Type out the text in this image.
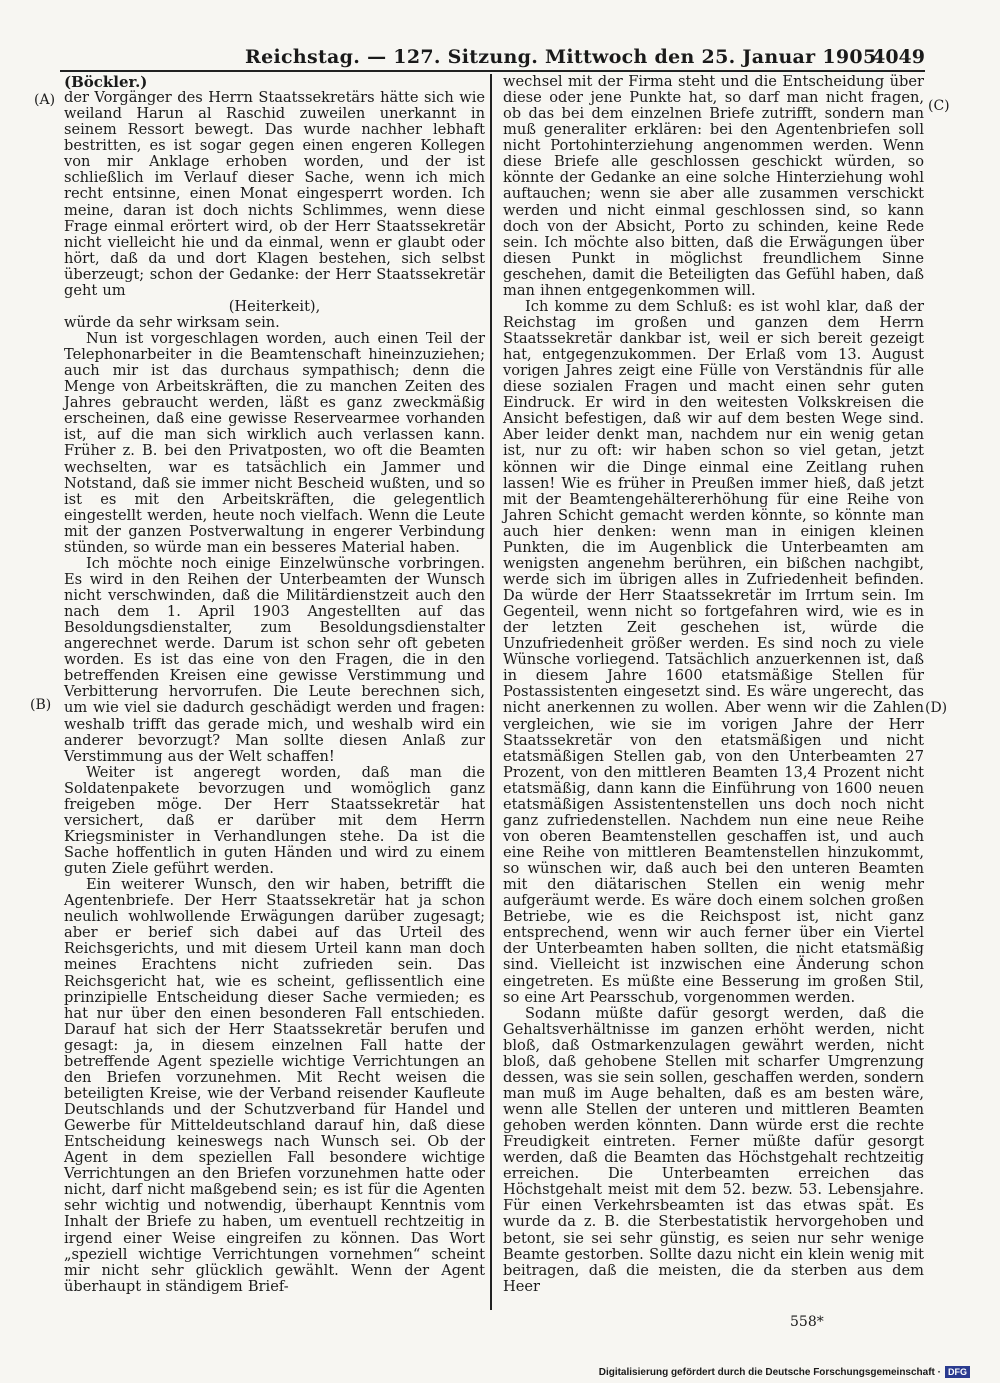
Reichstag. — 127. Sitzung. Mittwoch den 25. Januar 1905.
4049
(A)
(B)
(C)
(D)

(Böckler.)

der Vorgänger des Herrn Staatssekretärs hätte sich wie weiland Harun al Raschid zuweilen unerkannt in seinem Ressort bewegt. Das wurde nachher lebhaft bestritten, es ist sogar gegen einen engeren Kollegen von mir Anklage erhoben worden, und der ist schließlich im Verlauf dieser Sache, wenn ich mich recht entsinne, einen Monat eingesperrt worden. Ich meine, daran ist doch nichts Schlimmes, wenn diese Frage einmal erörtert wird, ob der Herr Staatssekretär nicht vielleicht hie und da einmal, wenn er glaubt oder hört, daß da und dort Klagen bestehen, sich selbst überzeugt; schon der Gedanke: der Herr Staatssekretär geht um

(Heiterkeit),

würde da sehr wirksam sein.

Nun ist vorgeschlagen worden, auch einen Teil der Telephonarbeiter in die Beamtenschaft hineinzuziehen; auch mir ist das durchaus sympathisch; denn die Menge von Arbeitskräften, die zu manchen Zeiten des Jahres gebraucht werden, läßt es ganz zweckmäßig erscheinen, daß eine gewisse Reservearmee vorhanden ist, auf die man sich wirklich auch verlassen kann. Früher z. B. bei den Privatposten, wo oft die Beamten wechselten, war es tatsächlich ein Jammer und Notstand, daß sie immer nicht Bescheid wußten, und so ist es mit den Arbeitskräften, die gelegentlich eingestellt werden, heute noch vielfach. Wenn die Leute mit der ganzen Postverwaltung in engerer Verbindung stünden, so würde man ein besseres Material haben.

Ich möchte noch einige Einzelwünsche vorbringen. Es wird in den Reihen der Unterbeamten der Wunsch nicht verschwinden, daß die Militärdienstzeit auch den nach dem 1. April 1903 Angestellten auf das Besoldungsdienstalter, zum Besoldungsdienstalter angerechnet werde. Darum ist schon sehr oft gebeten worden. Es ist das eine von den Fragen, die in den betreffenden Kreisen eine gewisse Verstimmung und Verbitterung hervorrufen. Die Leute berechnen sich, um wie viel sie dadurch geschädigt werden und fragen: weshalb trifft das gerade mich, und weshalb wird ein anderer bevorzugt? Man sollte diesen Anlaß zur Verstimmung aus der Welt schaffen!

Weiter ist angeregt worden, daß man die Soldatenpakete bevorzugen und womöglich ganz freigeben möge. Der Herr Staatssekretär hat versichert, daß er darüber mit dem Herrn Kriegsminister in Verhandlungen stehe. Da ist die Sache hoffentlich in guten Händen und wird zu einem guten Ziele geführt werden.

Ein weiterer Wunsch, den wir haben, betrifft die Agentenbriefe. Der Herr Staatssekretär hat ja schon neulich wohlwollende Erwägungen darüber zugesagt; aber er berief sich dabei auf das Urteil des Reichsgerichts, und mit diesem Urteil kann man doch meines Erachtens nicht zufrieden sein. Das Reichsgericht hat, wie es scheint, geflissentlich eine prinzipielle Entscheidung dieser Sache vermieden; es hat nur über den einen besonderen Fall entschieden. Darauf hat sich der Herr Staatssekretär berufen und gesagt: ja, in diesem einzelnen Fall hatte der betreffende Agent spezielle wichtige Verrichtungen an den Briefen vorzunehmen. Mit Recht weisen die beteiligten Kreise, wie der Verband reisender Kaufleute Deutschlands und der Schutzverband für Handel und Gewerbe für Mitteldeutschland darauf hin, daß diese Entscheidung keineswegs nach Wunsch sei. Ob der Agent in dem speziellen Fall besondere wichtige Verrichtungen an den Briefen vorzunehmen hatte oder nicht, darf nicht maßgebend sein; es ist für die Agenten sehr wichtig und notwendig, überhaupt Kenntnis vom Inhalt der Briefe zu haben, um eventuell rechtzeitig in irgend einer Weise eingreifen zu können. Das Wort „speziell wichtige Verrichtungen vornehmen“ scheint mir nicht sehr glücklich gewählt. Wenn der Agent überhaupt in ständigem Brief-

wechsel mit der Firma steht und die Entscheidung über diese oder jene Punkte hat, so darf man nicht fragen, ob das bei dem einzelnen Briefe zutrifft, sondern man muß generaliter erklären: bei den Agentenbriefen soll nicht Portohinterziehung angenommen werden. Wenn diese Briefe alle geschlossen geschickt würden, so könnte der Gedanke an eine solche Hinterziehung wohl auftauchen; wenn sie aber alle zusammen verschickt werden und nicht einmal geschlossen sind, so kann doch von der Absicht, Porto zu schinden, keine Rede sein. Ich möchte also bitten, daß die Erwägungen über diesen Punkt in möglichst freundlichem Sinne geschehen, damit die Beteiligten das Gefühl haben, daß man ihnen entgegenkommen will.

Ich komme zu dem Schluß: es ist wohl klar, daß der Reichstag im großen und ganzen dem Herrn Staatssekretär dankbar ist, weil er sich bereit gezeigt hat, entgegenzukommen. Der Erlaß vom 13. August vorigen Jahres zeigt eine Fülle von Verständnis für alle diese sozialen Fragen und macht einen sehr guten Eindruck. Er wird in den weitesten Volkskreisen die Ansicht befestigen, daß wir auf dem besten Wege sind. Aber leider denkt man, nachdem nur ein wenig getan ist, nur zu oft: wir haben schon so viel getan, jetzt können wir die Dinge einmal eine Zeitlang ruhen lassen! Wie es früher in Preußen immer hieß, daß jetzt mit der Beamtengehältererhöhung für eine Reihe von Jahren Schicht gemacht werden könnte, so könnte man auch hier denken: wenn man in einigen kleinen Punkten, die im Augenblick die Unterbeamten am wenigsten angenehm berühren, ein bißchen nachgibt, werde sich im übrigen alles in Zufriedenheit befinden. Da würde der Herr Staatssekretär im Irrtum sein. Im Gegenteil, wenn nicht so fortgefahren wird, wie es in der letzten Zeit geschehen ist, würde die Unzufriedenheit größer werden. Es sind noch zu viele Wünsche vorliegend. Tatsächlich anzuerkennen ist, daß in diesem Jahre 1600 etatsmäßige Stellen für Postassistenten eingesetzt sind. Es wäre ungerecht, das nicht anerkennen zu wollen. Aber wenn wir die Zahlen vergleichen, wie sie im vorigen Jahre der Herr Staatssekretär von den etatsmäßigen und nicht etatsmäßigen Stellen gab, von den Unterbeamten 27 Prozent, von den mittleren Beamten 13,4 Prozent nicht etatsmäßig, dann kann die Einführung von 1600 neuen etatsmäßigen Assistentenstellen uns doch noch nicht ganz zufriedenstellen. Nachdem nun eine neue Reihe von oberen Beamtenstellen geschaffen ist, und auch eine Reihe von mittleren Beamtenstellen hinzukommt, so wünschen wir, daß auch bei den unteren Beamten mit den diätarischen Stellen ein wenig mehr aufgeräumt werde. Es wäre doch einem solchen großen Betriebe, wie es die Reichspost ist, nicht ganz entsprechend, wenn wir auch ferner über ein Viertel der Unterbeamten haben sollten, die nicht etatsmäßig sind. Vielleicht ist inzwischen eine Änderung schon eingetreten. Es müßte eine Besserung im großen Stil, so eine Art Pearsschub, vorgenommen werden.

Sodann müßte dafür gesorgt werden, daß die Gehaltsverhältnisse im ganzen erhöht werden, nicht bloß, daß Ostmarkenzulagen gewährt werden, nicht bloß, daß gehobene Stellen mit scharfer Umgrenzung dessen, was sie sein sollen, geschaffen werden, sondern man muß im Auge behalten, daß es am besten wäre, wenn alle Stellen der unteren und mittleren Beamten gehoben werden könnten. Dann würde erst die rechte Freudigkeit eintreten. Ferner müßte dafür gesorgt werden, daß die Beamten das Höchstgehalt rechtzeitig erreichen. Die Unterbeamten erreichen das Höchstgehalt meist mit dem 52. bezw. 53. Lebensjahre. Für einen Verkehrsbeamten ist das etwas spät. Es wurde da z. B. die Sterbestatistik hervorgehoben und betont, sie sei sehr günstig, es seien nur sehr wenige Beamte gestorben. Sollte dazu nicht ein klein wenig mit beitragen, daß die meisten, die da sterben aus dem Heer

558*
Digitalisierung gefördert durch die Deutsche Forschungsgemeinschaft · DFG
